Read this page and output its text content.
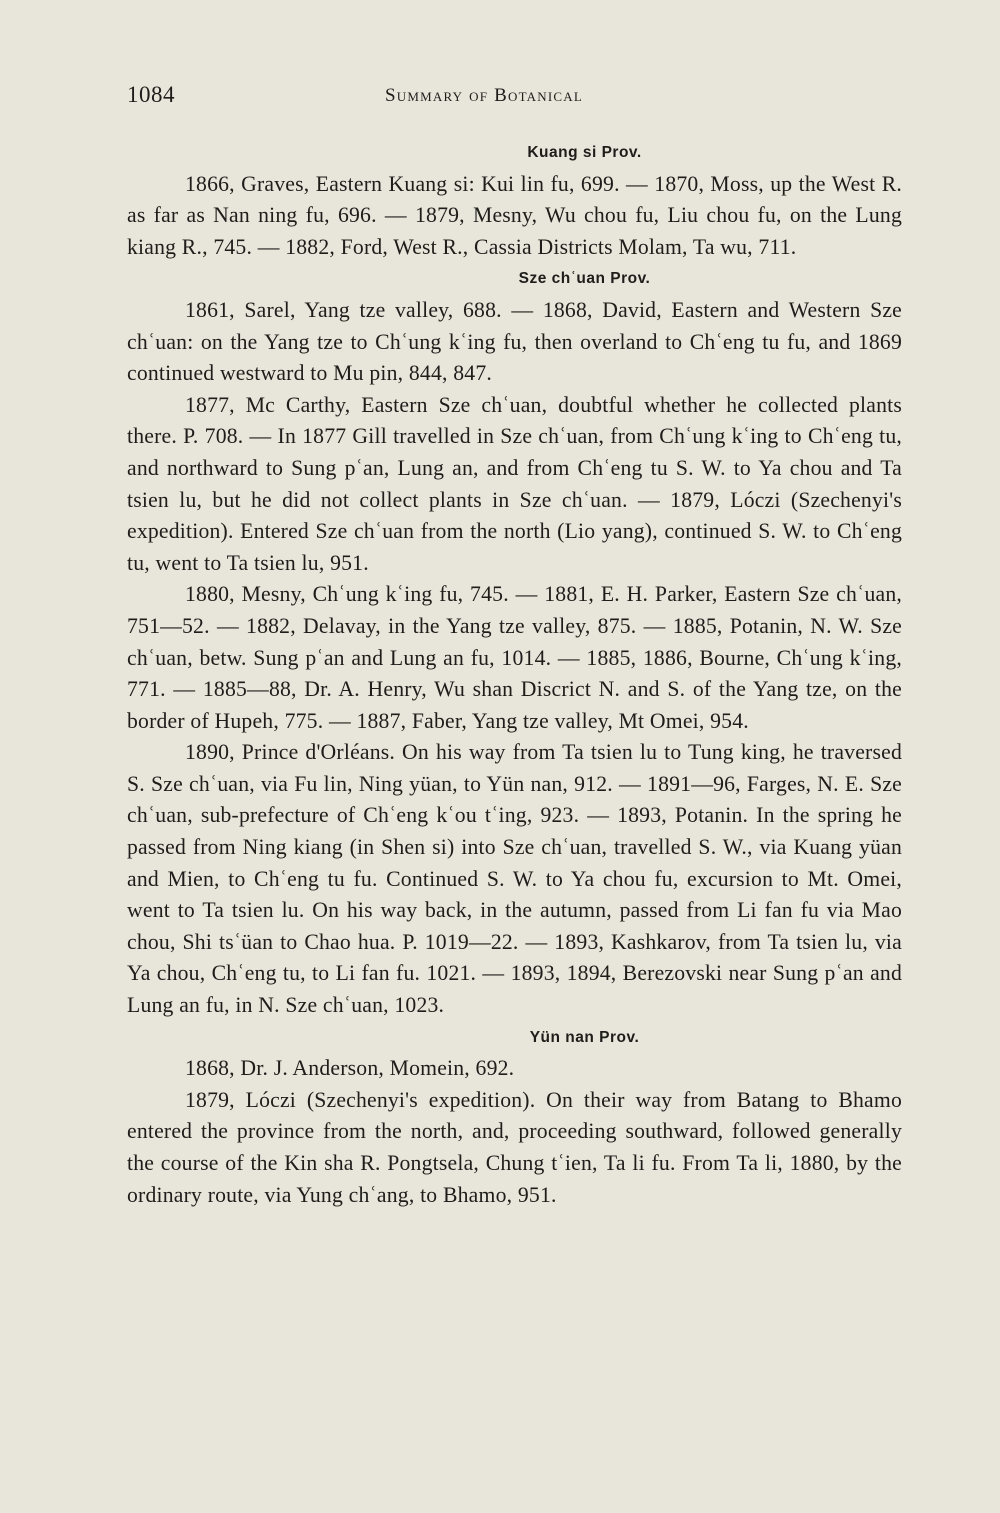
1084	Summary of Botanical
Kuang si Prov.

1866, Graves, Eastern Kuang si: Kui lin fu, 699. — 1870, Moss, up the West R. as far as Nan ning fu, 696. — 1879, Mesny, Wu chou fu, Liu chou fu, on the Lung kiang R., 745. — 1882, Ford, West R., Cassia Districts Molam, Ta wu, 711.

Sze chʿuan Prov.

1861, Sarel, Yang tze valley, 688. — 1868, David, Eastern and Western Sze chʿuan: on the Yang tze to Chʿung kʿing fu, then overland to Chʿeng tu fu, and 1869 continued westward to Mu pin, 844, 847.

1877, Mc Carthy, Eastern Sze chʿuan, doubtful whether he collected plants there. P. 708. — In 1877 Gill travelled in Sze chʿuan, from Chʿung kʿing to Chʿeng tu, and northward to Sung pʿan, Lung an, and from Chʿeng tu S. W. to Ya chou and Ta tsien lu, but he did not collect plants in Sze chʿuan. — 1879, Lóczi (Szechenyi's expedition). Entered Sze chʿuan from the north (Lio yang), continued S. W. to Chʿeng tu, went to Ta tsien lu, 951.

1880, Mesny, Chʿung kʿing fu, 745. — 1881, E. H. Parker, Eastern Sze chʿuan, 751—52. — 1882, Delavay, in the Yang tze valley, 875. — 1885, Potanin, N. W. Sze chʿuan, betw. Sung pʿan and Lung an fu, 1014. — 1885, 1886, Bourne, Chʿung kʿing, 771. — 1885—88, Dr. A. Henry, Wu shan Discrict N. and S. of the Yang tze, on the border of Hupeh, 775. — 1887, Faber, Yang tze valley, Mt Omei, 954.

1890, Prince d'Orléans. On his way from Ta tsien lu to Tung king, he traversed S. Sze chʿuan, via Fu lin, Ning yüan, to Yün nan, 912. — 1891—96, Farges, N. E. Sze chʿuan, sub-prefecture of Chʿeng kʿou tʿing, 923. — 1893, Potanin. In the spring he passed from Ning kiang (in Shen si) into Sze chʿuan, travelled S. W., via Kuang yüan and Mien, to Chʿeng tu fu. Continued S. W. to Ya chou fu, excursion to Mt. Omei, went to Ta tsien lu. On his way back, in the autumn, passed from Li fan fu via Mao chou, Shi tsʿüan to Chao hua. P. 1019—22. — 1893, Kashkarov, from Ta tsien lu, via Ya chou, Chʿeng tu, to Li fan fu. 1021. — 1893, 1894, Berezovski near Sung pʿan and Lung an fu, in N. Sze chʿuan, 1023.

Yün nan Prov.

1868, Dr. J. Anderson, Momein, 692.

1879, Lóczi (Szechenyi's expedition). On their way from Batang to Bhamo entered the province from the north, and, proceeding southward, followed generally the course of the Kin sha R. Pongtsela, Chung tʿien, Ta li fu. From Ta li, 1880, by the ordinary route, via Yung chʿang, to Bhamo, 951.
